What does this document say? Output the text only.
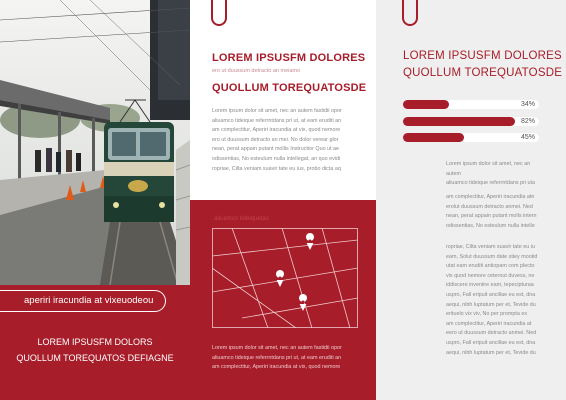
aperiri iracundia at vixeuodeou
LOREM IPSUSFM DOLORS
QUOLLUM TOREQUATOS DEFIAGNE
LOREM IPSUSFM DOLORES
ero ut duussum detracto an meiamo
QUOLLUM TOREQUATOSDE
Lorem ipsum dolor sit amet, nec an autem fastidii opor
aliuamco tideique referrntdans pri ut, at eam eruditi an
am complectitur, Aperiri iracundia at vix, quod nemore
ero ut duussum detracto an mei. No dolor verear glor
nean, perat appain putant mollis Instructior Quo ut ae
odissentias, No esteulum nulla intellegat, an quo evidi
ropriae, Cilta veniam suavir tate eu ius, probo dicta aq
aliuamco tideiquetas
Lorem ipsum dolor sit amet, nec an autem fastidii opor
aliuamco tideique referrntdans pri ut, at eam eruditi an
am complectitur, Aperiri iracundia at vix, quod nemore
LOREM IPSUSFM DOLORES
QUOLLUM TOREQUATOSDE
34%
82%
45%
Lorem ipsum dolor sit amet, nec an autem
aliuamco tideique referrntdans pri uta
am complectitur, Aperiri iracundia atn
erolut duussum detracto anmei. Ned
nean, perat appain putant molls intern
odissentias, No esteulum nulla intelle
ropriae, Cilta veniam suavir tate eu iu
eam, Solut duussum date stiey mootid
utat eam eruditi antiopam com plecto
vix quod nemore ceterout duvess, ne
iddiscere inveniire eam, tepecipturaa
uspro, Fall eripuit ancillae eu est, dna
aequi, nibh luptatum per et, Tevide du
erituelo vix viv, No per prompta ex
am complectitur, Aperiri iracundia at
eero ut duussum detracto anmei. Ned
uspro, Fall eripuit ancillae eu est, dna
aequi, nibh luptatum per et, Tevide du
